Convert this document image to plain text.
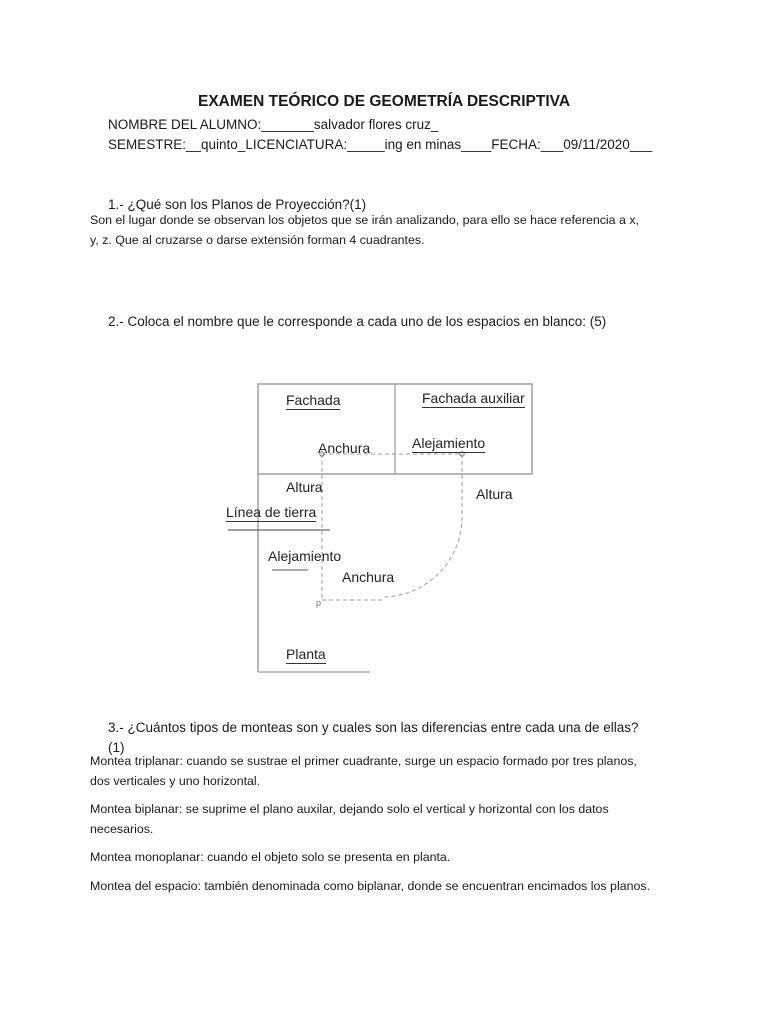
EXAMEN TEÓRICO DE GEOMETRÍA DESCRIPTIVA
NOMBRE DEL ALUMNO:_______salvador flores cruz_
SEMESTRE:__quinto_LICENCIATURA:_____ing en minas____FECHA:___09/11/2020___
1.- ¿Qué son los Planos de Proyección?(1)
Son el lugar donde se observan los objetos que se irán analizando, para ello se hace referencia a x, y, z. Que al cruzarse o darse extensión forman 4 cuadrantes.
2.- Coloca el nombre que le corresponde a cada uno de los espacios en blanco: (5)
Fachada	Fachada auxiliar
Anchura	Alejamiento
Altura	Altura
Línea de tierra
Alejamiento
Anchura
p
Planta
3.- ¿Cuántos tipos de monteas son y cuales son las diferencias entre cada una de ellas?(1)
Montea triplanar: cuando se sustrae el primer cuadrante, surge un espacio formado por tres planos, dos verticales y uno horizontal.
Montea biplanar: se suprime el plano auxilar, dejando solo el vertical y horizontal con los datos necesarios.
Montea monoplanar: cuando el objeto solo se presenta en planta.
Montea del espacio: también denominada como biplanar, donde se encuentran encimados los planos.
